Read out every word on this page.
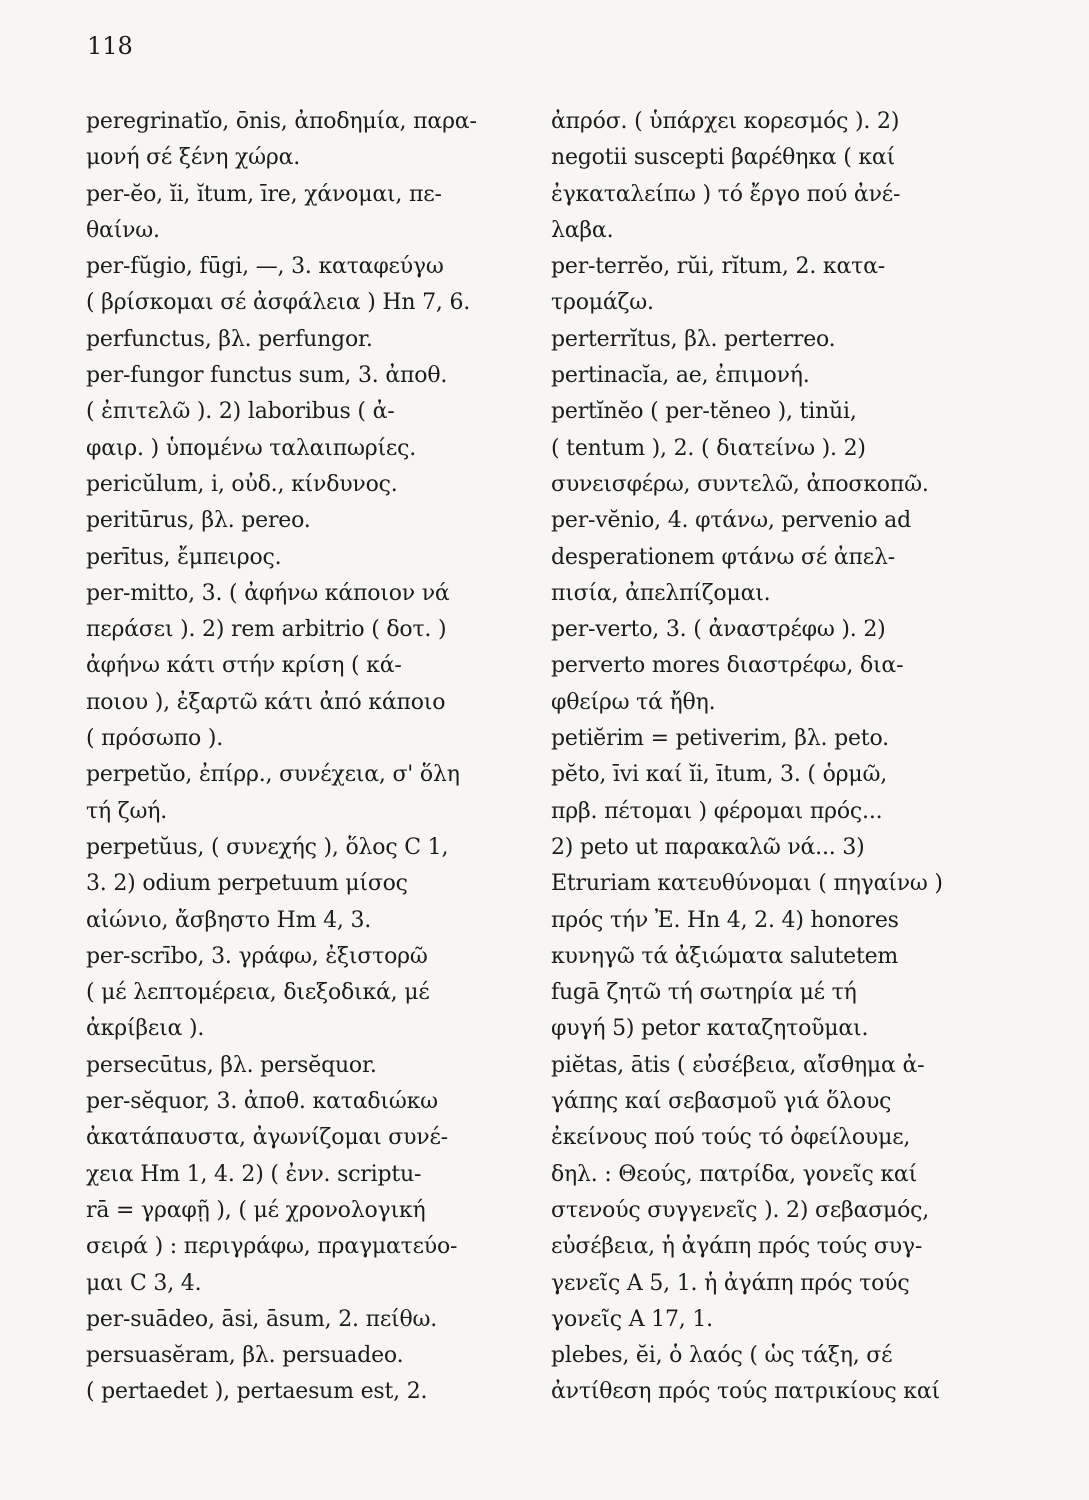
118
peregrinatĭo, ōnis, ἀποδημία, παρα-
μονή σέ ξένη χώρα.
per-ĕo, ĭi, ĭtum, īre, χάνομαι, πε-
θαίνω.
per-fŭgio, fūgi, —, 3. καταφεύγω
( βρίσκομαι σέ ἀσφάλεια ) Hn 7, 6.
perfunctus, βλ. perfungor.
per-fungor functus sum, 3. ἀποθ.
( ἐπιτελῶ ). 2) laboribus ( ἀ-
φαιρ. ) ὑπομένω ταλαιπωρίες.
pericŭlum, i, οὐδ., κίνδυνος.
peritūrus, βλ. pereo.
perītus, ἔμπειρος.
per-mitto, 3. ( ἀφήνω κάποιον νά
περάσει ). 2) rem arbitrio ( δοτ. )
ἀφήνω κάτι στήν κρίση ( κά-
ποιου ), ἐξαρτῶ κάτι ἀπό κάποιο
( πρόσωπο ).
perpetŭo, ἐπίρρ., συνέχεια, σ' ὅλη
τή ζωή.
perpetŭus, ( συνεχής ), ὅλος C 1,
3. 2) odium perpetuum μίσος
αἰώνιο, ἄσβηστο Hm 4, 3.
per-scrībo, 3. γράφω, ἐξιστορῶ
( μέ λεπτομέρεια, διεξοδικά, μέ
ἀκρίβεια ).
persecūtus, βλ. persĕquor.
per-sĕquor, 3. ἀποθ. καταδιώκω
ἀκατάπαυστα, ἀγωνίζομαι συνέ-
χεια Hm 1, 4. 2) ( ἐνν. scriptu-
rā = γραφῇ ), ( μέ χρονολογική
σειρά ) : περιγράφω, πραγματεύο-
μαι C 3, 4.
per-suādeo, āsi, āsum, 2. πείθω.
persuasĕram, βλ. persuadeo.
( pertaedet ), pertaesum est, 2.
ἀπρόσ. ( ὑπάρχει κορεσμός ). 2)
negotii suscepti βαρέθηκα ( καί
ἐγκαταλείπω ) τό ἔργο πού ἀνέ-
λαβα.
per-terrĕo, rŭi, rĭtum, 2. κατα-
τρομάζω.
perterrĭtus, βλ. perterreo.
pertinacĭa, ae, ἐπιμονή.
pertĭnĕo ( per-tĕneo ), tinŭi,
( tentum ), 2. ( διατείνω ). 2)
συνεισφέρω, συντελῶ, ἀποσκοπῶ.
per-vĕnio, 4. φτάνω, pervenio ad
desperationem φτάνω σέ ἀπελ-
πισία, ἀπελπίζομαι.
per-verto, 3. ( ἀναστρέφω ). 2)
perverto mores διαστρέφω, δια-
φθείρω τά ἤθη.
petiĕrim = petiverim, βλ. peto.
pĕto, īvi καί ĭi, ītum, 3. ( ὁρμῶ,
πρβ. πέτομαι ) φέρομαι πρός...
2) peto ut παρακαλῶ νά... 3)
Etruriam κατευθύνομαι ( πηγαίνω )
πρός τήν Ἐ. Hn 4, 2. 4) honores
κυνηγῶ τά ἀξιώματα salutetem
fugā ζητῶ τή σωτηρία μέ τή
φυγή 5) petor καταζητοῦμαι.
piĕtas, ātis ( εὐσέβεια, αἴσθημα ἀ-
γάπης καί σεβασμοῦ γιά ὅλους
ἐκείνους πού τούς τό ὀφείλουμε,
δηλ. : Θεούς, πατρίδα, γονεῖς καί
στενούς συγγενεῖς ). 2) σεβασμός,
εὐσέβεια, ἡ ἀγάπη πρός τούς συγ-
γενεῖς A 5, 1. ἡ ἀγάπη πρός τούς
γονεῖς A 17, 1.
plebes, ĕi, ὁ λαός ( ὡς τάξη, σέ
ἀντίθεση πρός τούς πατρικίους καί
